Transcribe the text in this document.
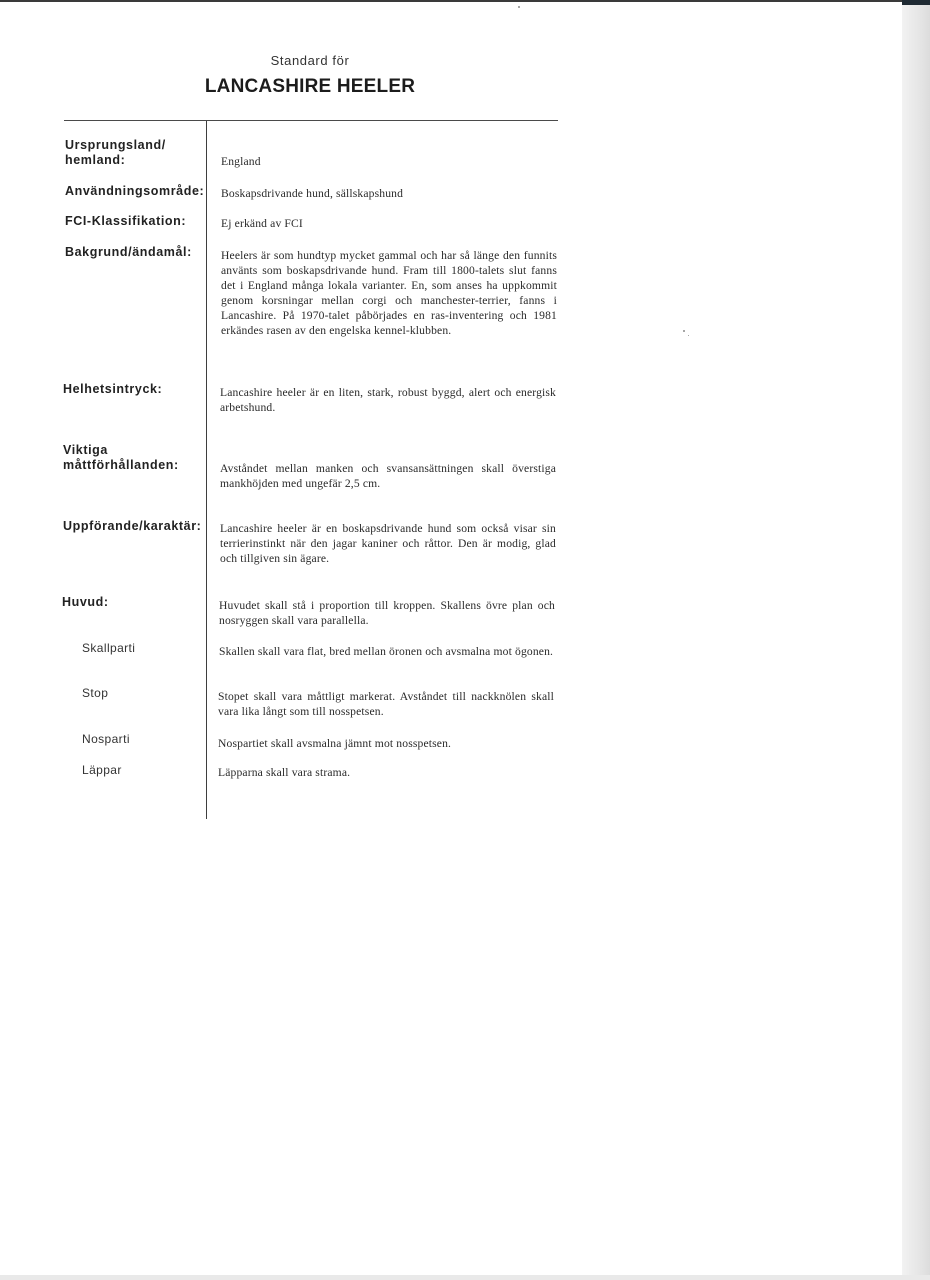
Standard för
LANCASHIRE HEELER
Ursprungsland/
hemland:	England
Användningsområde: Boskapsdrivande hund, sällskapshund
FCI-Klassifikation:	Ej erkänd av FCI
Bakgrund/ändamål:	Heelers är som hundtyp mycket gammal och har så länge den funnits använts som boskapsdrivande hund. Fram till 1800-talets slut fanns det i England många lokala varianter. En, som anses ha uppkommit genom korsningar mellan corgi och manchester-terrier, fanns i Lancashire. På 1970-talet påbörjades en ras-inventering och 1981 erkändes rasen av den engelska kennel-klubben.
Helhetsintryck:	Lancashire heeler är en liten, stark, robust byggd, alert och energisk arbetshund.
Viktiga
måttförhållanden:	Avståndet mellan manken och svansansättningen skall överstiga mankhöjden med ungefär 2,5 cm.
Uppförande/karaktär: Lancashire heeler är en boskapsdrivande hund som också visar sin terrierinstinkt när den jagar kaniner och råttor. Den är modig, glad och tillgiven sin ägare.
Huvud:	Huvudet skall stå i proportion till kroppen. Skallens övre plan och nosryggen skall vara parallella.
Skallparti	Skallen skall vara flat, bred mellan öronen och avsmalna mot ögonen.
Stop	Stopet skall vara måttligt markerat. Avståndet till nackknölen skall vara lika långt som till nosspetsen.
Nosparti	Nospartiet skall avsmalna jämnt mot nosspetsen.
Läppar	Läpparna skall vara strama.
